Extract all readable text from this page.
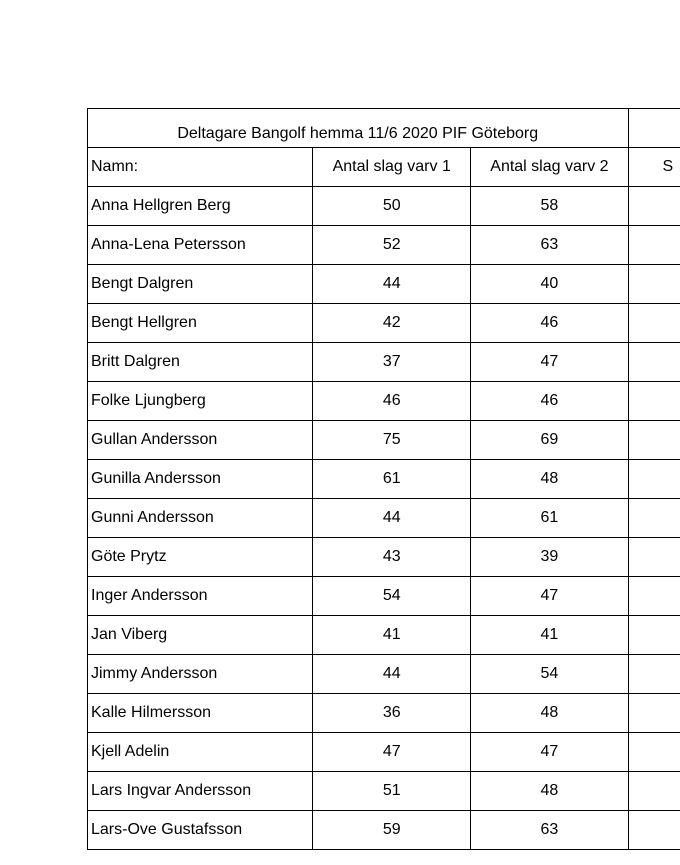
Deltagare Bangolf hemma 11/6 2020 PIF Göteborg			
Namn:	Antal slag varv 1	Antal slag varv 2	S
Anna Hellgren Berg	50	58	
Anna-Lena Petersson	52	63	
Bengt Dalgren	44	40	
Bengt Hellgren	42	46	
Britt Dalgren	37	47	
Folke Ljungberg	46	46	
Gullan Andersson	75	69	
Gunilla Andersson	61	48	
Gunni Andersson	44	61	
Göte Prytz	43	39	
Inger Andersson	54	47	
Jan Viberg	41	41	
Jimmy Andersson	44	54	
Kalle Hilmersson	36	48	
Kjell Adelin	47	47	
Lars Ingvar Andersson	51	48	
Lars-Ove Gustafsson	59	63	
